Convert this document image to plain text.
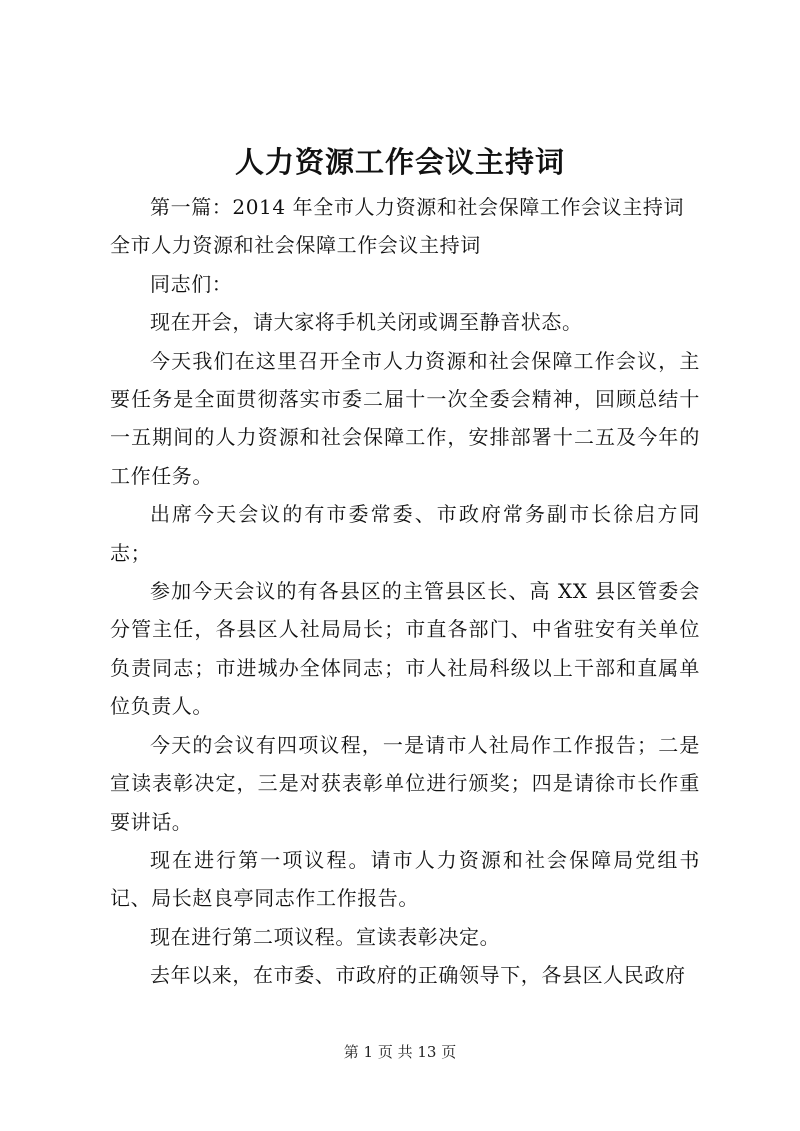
人力资源工作会议主持词

第一篇：2014 年全市人力资源和社会保障工作会议主持词

全市人力资源和社会保障工作会议主持词

同志们：

现在开会，请大家将手机关闭或调至静音状态。

今天我们在这里召开全市人力资源和社会保障工作会议，主要任务是全面贯彻落实市委二届十一次全委会精神，回顾总结十一五期间的人力资源和社会保障工作，安排部署十二五及今年的工作任务。

出席今天会议的有市委常委、市政府常务副市长徐启方同志；

参加今天会议的有各县区的主管县区长、高 XX 县区管委会分管主任，各县区人社局局长；市直各部门、中省驻安有关单位负责同志；市进城办全体同志；市人社局科级以上干部和直属单位负责人。

今天的会议有四项议程，一是请市人社局作工作报告；二是宣读表彰决定，三是对获表彰单位进行颁奖；四是请徐市长作重要讲话。

现在进行第一项议程。请市人力资源和社会保障局党组书记、局长赵良亭同志作工作报告。

现在进行第二项议程。宣读表彰决定。

去年以来，在市委、市政府的正确领导下，各县区人民政府

第 1 页 共 13 页
